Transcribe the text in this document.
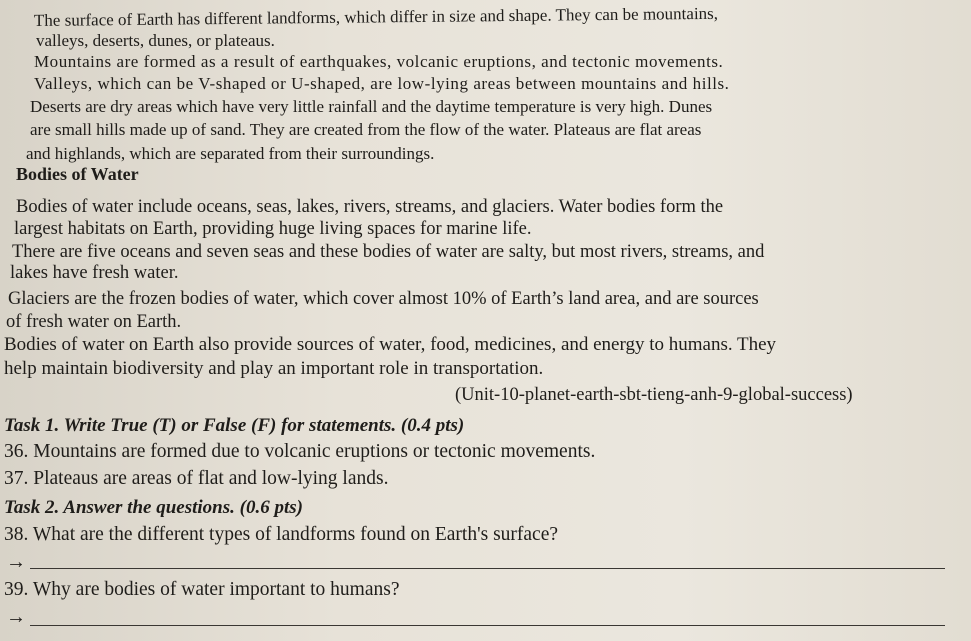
The surface of Earth has different landforms, which differ in size and shape. They can be mountains,
valleys, deserts, dunes, or plateaus.
Mountains are formed as a result of earthquakes, volcanic eruptions, and tectonic movements.
Valleys, which can be V-shaped or U-shaped, are low-lying areas between mountains and hills.
Deserts are dry areas which have very little rainfall and the daytime temperature is very high. Dunes
are small hills made up of sand. They are created from the flow of the water. Plateaus are flat areas
and highlands, which are separated from their surroundings.
Bodies of Water
Bodies of water include oceans, seas, lakes, rivers, streams, and glaciers. Water bodies form the
largest habitats on Earth, providing huge living spaces for marine life.
There are five oceans and seven seas and these bodies of water are salty, but most rivers, streams, and
lakes have fresh water.
Glaciers are the frozen bodies of water, which cover almost 10% of Earth’s land area, and are sources
of fresh water on Earth.
Bodies of water on Earth also provide sources of water, food, medicines, and energy to humans. They
help maintain biodiversity and play an important role in transportation.
(Unit-10-planet-earth-sbt-tieng-anh-9-global-success)
Task 1. Write True (T) or False (F) for statements. (0.4 pts)
36. Mountains are formed due to volcanic eruptions or tectonic movements.
37. Plateaus are areas of flat and low-lying lands.
Task 2. Answer the questions. (0.6 pts)
38. What are the different types of landforms found on Earth's surface?
→
39. Why are bodies of water important to humans?
→
